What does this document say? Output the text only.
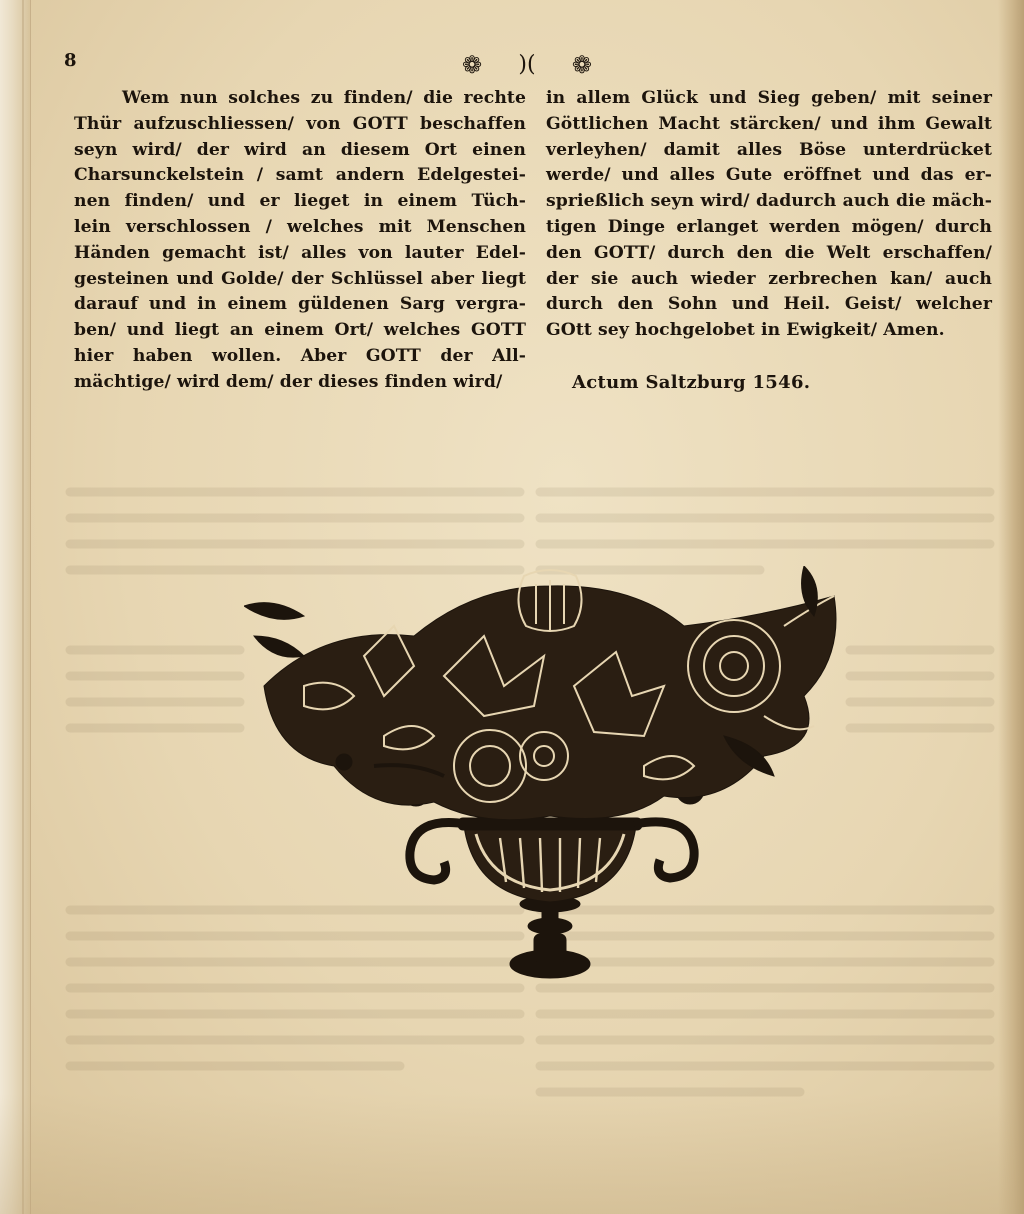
8	❁ )( ❁
Wem nun solches zu finden/ die rechte
Thür aufzuschliessen/ von GOTT beschaffen
seyn wird/ der wird an diesem Ort einen
Charsunckelstein / samt andern Edelgestei-
nen finden/ und er lieget in einem Tüch-
lein verschlossen / welches mit Menschen
Händen gemacht ist/ alles von lauter Edel-
gesteinen und Golde/ der Schlüssel aber liegt
darauf und in einem güldenen Sarg vergra-
ben/ und liegt an einem Ort/ welches GOTT
hier haben wollen. Aber GOTT der All-
mächtige/ wird dem/ der dieses finden wird/
in allem Glück und Sieg geben/ mit seiner
Göttlichen Macht stärcken/ und ihm Gewalt
verleyhen/ damit alles Böse unterdrücket
werde/ und alles Gute eröffnet und das er-
sprießlich seyn wird/ dadurch auch die mäch-
tigen Dinge erlanget werden mögen/ durch
den GOTT/ durch den die Welt erschaffen/
der sie auch wieder zerbrechen kan/ auch
durch den Sohn und Heil. Geist/ welcher
GOtt sey hochgelobet in Ewigkeit/ Amen.
Actum Saltzburg 1546.
